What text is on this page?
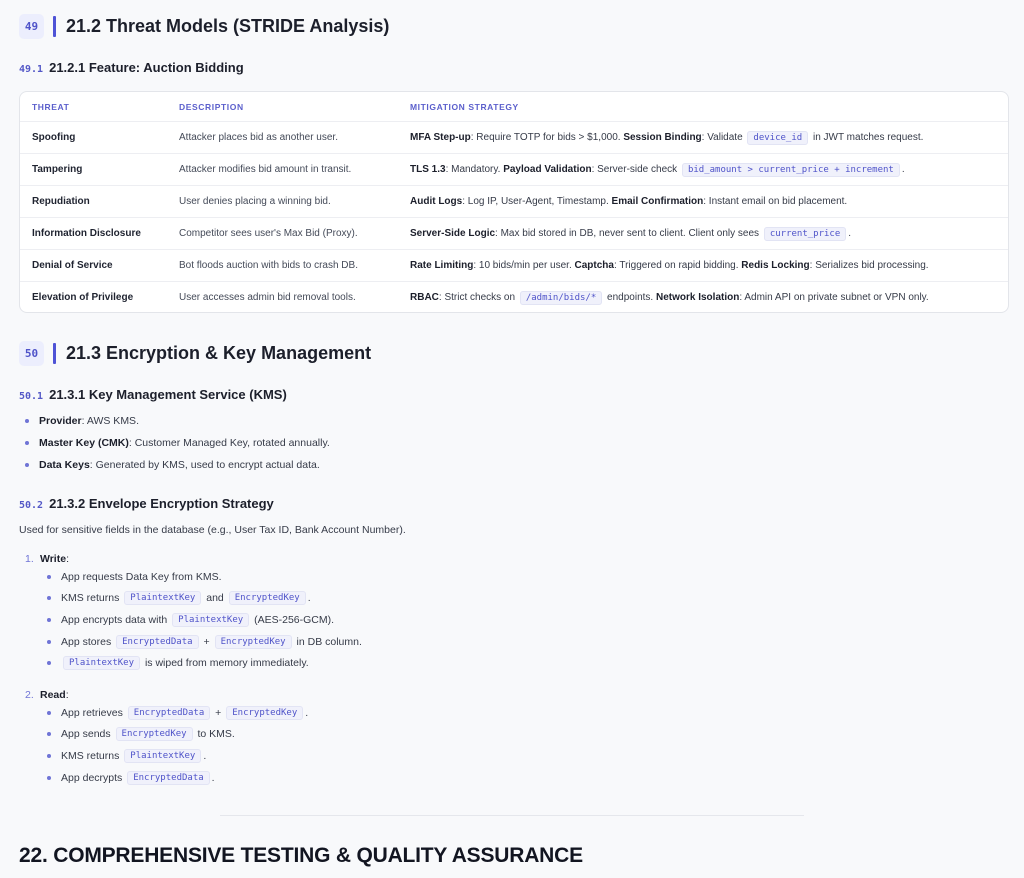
49	21.2 Threat Models (STRIDE Analysis)
49.1 21.2.1 Feature: Auction Bidding
THREAT	DESCRIPTION	MITIGATION STRATEGY
Spoofing	Attacker places bid as another user.	MFA Step-up: Require TOTP for bids > $1,000. Session Binding: Validate device_id in JWT matches request.
Tampering	Attacker modifies bid amount in transit.	TLS 1.3: Mandatory. Payload Validation: Server-side check bid_amount > current_price + increment .
Repudiation	User denies placing a winning bid.	Audit Logs: Log IP, User-Agent, Timestamp. Email Confirmation: Instant email on bid placement.
Information Disclosure	Competitor sees user's Max Bid (Proxy).	Server-Side Logic: Max bid stored in DB, never sent to client. Client only sees current_price .
Denial of Service	Bot floods auction with bids to crash DB.	Rate Limiting: 10 bids/min per user. Captcha: Triggered on rapid bidding. Redis Locking: Serializes bid processing.
Elevation of Privilege	User accesses admin bid removal tools.	RBAC: Strict checks on /admin/bids/* endpoints. Network Isolation: Admin API on private subnet or VPN only.
50	21.3 Encryption & Key Management
50.1 21.3.1 Key Management Service (KMS)
Provider : AWS KMS.
Master Key (CMK) : Customer Managed Key, rotated annually.
Data Keys : Generated by KMS, used to encrypt actual data.
50.2 21.3.2 Envelope Encryption Strategy
Used for sensitive fields in the database (e.g., User Tax ID, Bank Account Number).
1. Write :
App requests Data Key from KMS.
KMS returns
	PlaintextKey
	and
	EncryptedKey .
App encrypts data with
	PlaintextKey
	(AES-256-GCM).
App stores
	EncryptedData
	+
	EncryptedKey
	in DB column.
PlaintextKey
	is wiped from memory immediately.
2. Read :
App retrieves
	EncryptedData
	+
	EncryptedKey .
App sends
	EncryptedKey
	to KMS.
KMS returns
	PlaintextKey .
App decrypts
	EncryptedData .
22. COMPREHENSIVE TESTING & QUALITY ASSURANCE
